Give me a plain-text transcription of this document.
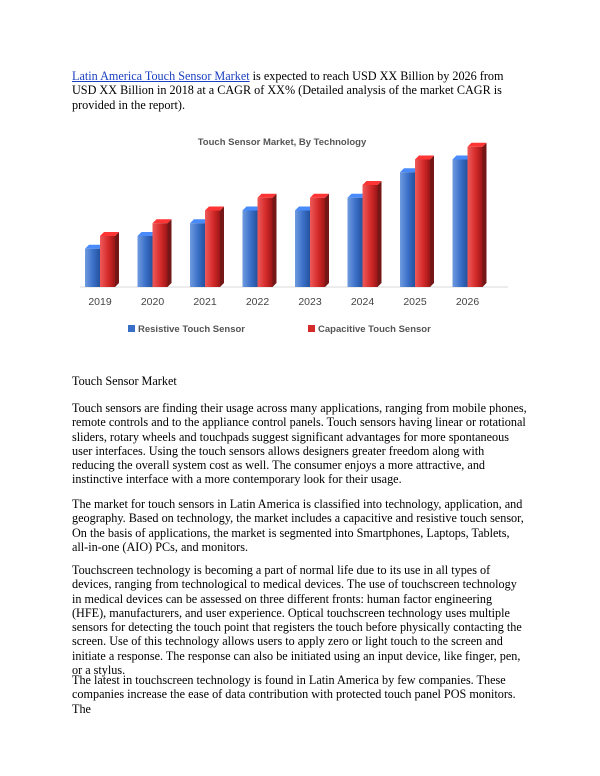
Latin America Touch Sensor Market is expected to reach USD XX Billion by 2026 from USD XX Billion in 2018 at a CAGR of XX% (Detailed analysis of the market CAGR is provided in the report).

Touch Sensor Market, By Technology
2019	2020	2021	2022	2023	2024	2025	2026
Resistive Touch Sensor	Capacitive Touch Sensor

Touch Sensor Market

Touch sensors are finding their usage across many applications, ranging from mobile phones, remote controls and to the appliance control panels. Touch sensors having linear or rotational sliders, rotary wheels and touchpads suggest significant advantages for more spontaneous user interfaces. Using the touch sensors allows designers greater freedom along with reducing the overall system cost as well. The consumer enjoys a more attractive, and instinctive interface with a more contemporary look for their usage.

The market for touch sensors in Latin America is classified into technology, application, and geography. Based on technology, the market includes a capacitive and resistive touch sensor, On the basis of applications, the market is segmented into Smartphones, Laptops, Tablets, all-in-one (AIO) PCs, and monitors.

Touchscreen technology is becoming a part of normal life due to its use in all types of devices, ranging from technological to medical devices. The use of touchscreen technology in medical devices can be assessed on three different fronts: human factor engineering (HFE), manufacturers, and user experience. Optical touchscreen technology uses multiple sensors for detecting the touch point that registers the touch before physically contacting the screen. Use of this technology allows users to apply zero or light touch to the screen and initiate a response. The response can also be initiated using an input device, like finger, pen, or a stylus.

The latest in touchscreen technology is found in Latin America by few companies. These companies increase the ease of data contribution with protected touch panel POS monitors. The
